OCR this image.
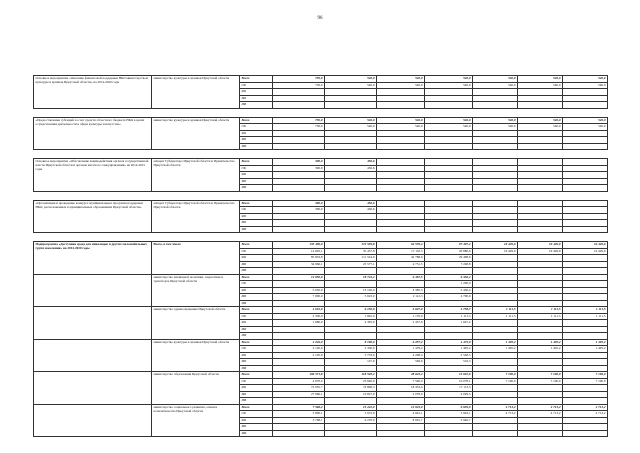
96
Основное мероприятие «Оказание финансовой поддержки НКО министерством культуры и архивов Иркутской области» на 2014-2020 годы	министерство культуры и архивов Иркутской области	Всего	750,0	540,0	540,0	540,0	540,0	540,0	540,0
		ОБ	750,0	540,0	540,0	540,0	540,0	540,0	540,0
		ФБ							
		МБ							
		ИИ							

«Предоставление субсидий за счет средств областного бюджета НКО в целях осуществления деятельности в сфере культуры и искусства»	министерство культуры и архивов Иркутской области	Всего	750,0	540,0	540,0	540,0	540,0	540,0	540,0
		ОБ	750,0	540,0	540,0	540,0	540,0	540,0	540,0
		ФБ							
		МБ							
		ИИ							

Основное мероприятие «Обеспечение взаимодействия органов государственной власти Иркутской области и органов местного самоуправления» на 2014-2015 годы	аппарат Губернатора Иркутской области и Правительства Иркутской области	Всего	300,0	456,6					
		ОБ	300,0	456,6					
		ФБ							
		МБ							
		ИИ							

«Организация и проведение конкурса муниципальных программ поддержки НКО, расположенных в муниципальных образованиях Иркутской области»	аппарат Губернатора Иркутской области и Правительства Иркутской области	Всего	300,0	456,6					
		ОБ	300,0	456,6					
		ФБ							
		МБ							
		ИИ							

Подпрограмма «Доступная среда для инвалидов и других маломобильных групп населения» на 2014-2020 годы	Всего, в том числе	Всего	135 400,0	172 539,8	64 570,4	97 497,4	16 429,9	16 429,9	16 429,9
		ОБ	14 605,1	35 437,8	17 110,3	20 880,0	16 429,9	16 429,9	16 429,9
		ФБ	85 833,8	111 524,9	42 788,0	29 498,6			
		МБ	34 966,1	25 577,1	4 751,5	7 248,8			
		ИИ							
	министерство жилищной политики, энергетики и транспорта Иркутской области	Всего	12 650,0	18 743,4	6 497,5	6 336,4			
		ОБ				1 200,0			
		ФБ	5 650,0	13 120,4	4 385,3	2 436,4			
		МБ	7 000,0	5 623,0	2 112,3	2 700,0			
		ИИ							
	министерство здравоохранения Иркутской области	Всего	4 010,0	6 150,0	3 627,0	2 758,7	1 111,5	1 111,5	1 111,5
		ОБ	2 330,0	1 845,0	1 170,0	1 111,5	1 111,5	1 111,5	1 111,5
		ФБ	1 680,0	4 305,0	2 457,0	1 647,2			
		МБ							
		ИИ							
	министерство культуры и архивов Иркутской области	Всего	4 240,0	8 190,0	6 257,2	4 473,0	1 405,2	1 405,2	1 405,2
		ОБ	2 120,0	2 330,0	1 479,2	1 405,2	1 405,2	1 405,2	1 405,2
		ФБ	2 120,0	5 733,0	4 208,4	2 548,5			
		МБ		127,0	569,6	519,3			
		ИИ							
	министерство образования Иркутской области	Всего	106 371,8	118 520,2	28 622,4	13 610,9	7 100,0	7 100,0	7 100,0
		ОБ	4 670,0	23 820,0	7 500,0	10 078,1	7 100,0	7 100,0	7 100,0
		ФБ	73 935,7	74 896,3	18 453,4	17 113,3			
		МБ	27 966,1	19 827,9	2 078,0	4 029,5			
		ИИ							
	министерство социального развития, опеки и попечительства Иркутской области	Всего	7 568,2	13 242,9	13 023,0	6 939,9	4 713,2	4 713,2	4 713,2
		ОБ	3 800,1	3 972,9	4 961,1	3 993,1	4 713,2	4 713,2	4 713,2
		ФБ	3 768,1	9 270,0	8 061,7	2 946,7			
		МБ							
		ИИ							
